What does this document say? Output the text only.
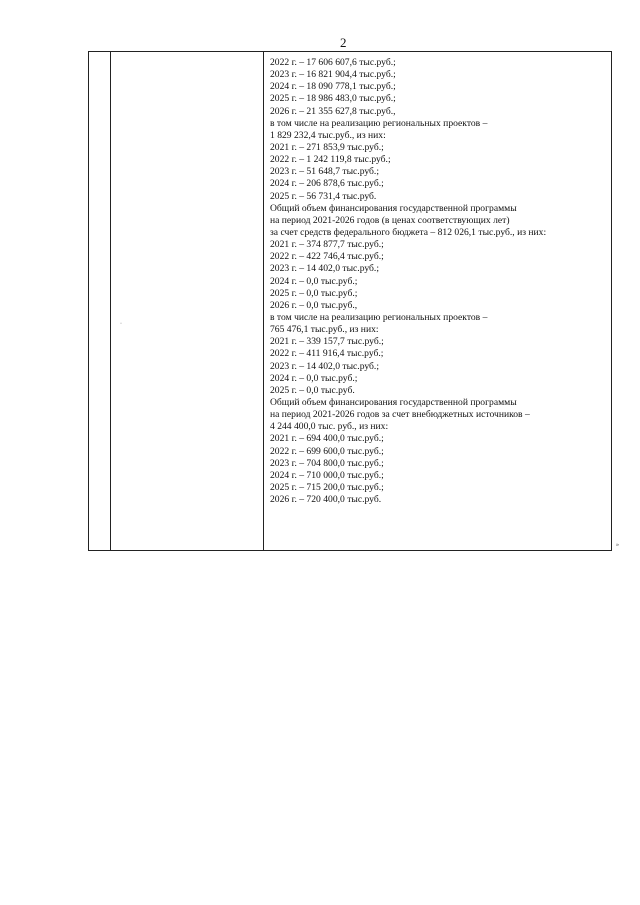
2
2022 г. – 17 606 607,6 тыс.руб.;
2023 г. – 16 821 904,4 тыс.руб.;
2024 г. – 18 090 778,1 тыс.руб.;
2025 г. – 18 986 483,0 тыс.руб.;
2026 г. – 21 355 627,8 тыс.руб.,
в том числе на реализацию региональных проектов –
1 829 232,4 тыс.руб., из них:
2021 г. – 271 853,9 тыс.руб.;
2022 г. – 1 242 119,8 тыс.руб.;
2023 г. – 51 648,7 тыс.руб.;
2024 г. – 206 878,6 тыс.руб.;
2025 г. – 56 731,4 тыс.руб.
Общий объем финансирования государственной программы
на период 2021-2026 годов (в ценах соответствующих лет)
за счет средств федерального бюджета – 812 026,1 тыс.руб., из них:
2021 г. – 374 877,7 тыс.руб.;
2022 г. – 422 746,4 тыс.руб.;
2023 г. – 14 402,0 тыс.руб.;
2024 г. – 0,0 тыс.руб.;
2025 г. – 0,0 тыс.руб.;
2026 г. – 0,0 тыс.руб.,
в том числе на реализацию региональных проектов –
765 476,1 тыс.руб., из них:
2021 г. – 339 157,7 тыс.руб.;
2022 г. – 411 916,4 тыс.руб.;
2023 г. – 14 402,0 тыс.руб.;
2024 г. – 0,0 тыс.руб.;
2025 г. – 0,0 тыс.руб.
Общий объем финансирования государственной программы
на период 2021-2026 годов за счет внебюджетных источников –
4 244 400,0 тыс. руб., из них:
2021 г. – 694 400,0 тыс.руб.;
2022 г. – 699 600,0 тыс.руб.;
2023 г. – 704 800,0 тыс.руб.;
2024 г. – 710 000,0 тыс.руб.;
2025 г. – 715 200,0 тыс.руб.;
2026 г. – 720 400,0 тыс.руб.
·
»
